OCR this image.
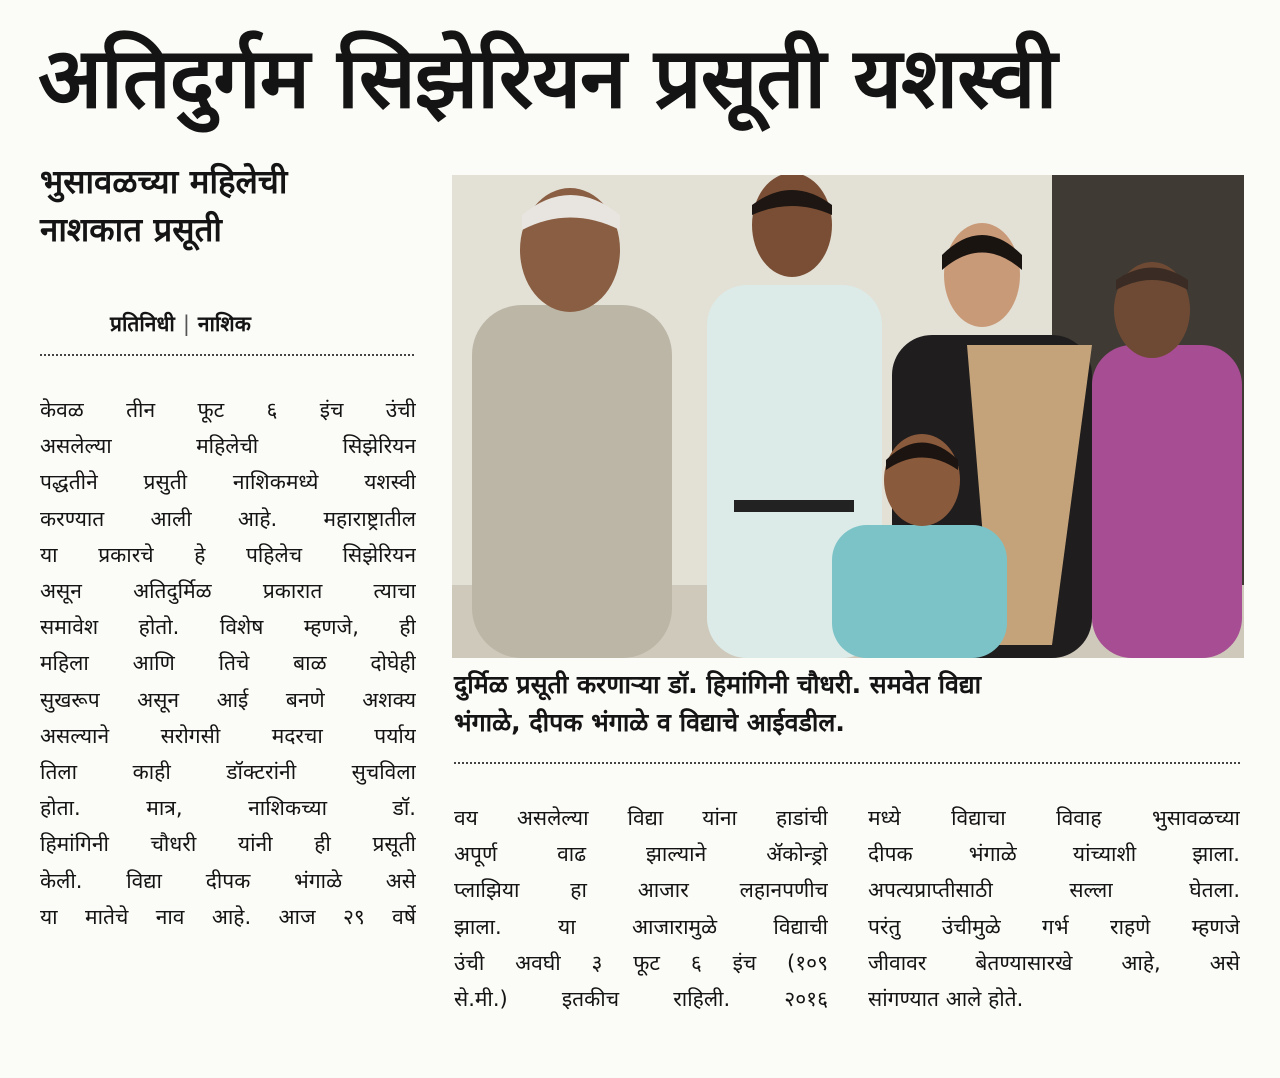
अतिदुर्गम सिझेरियन प्रसूती यशस्वी
भुसावळच्या महिलेची
नाशकात प्रसूती
प्रतिनिधी | नाशिक
केवळ तीन फूट ६ इंच उंची
असलेल्या महिलेची सिझेरियन
पद्धतीने प्रसुती नाशिकमध्ये यशस्वी
करण्यात आली आहे. महाराष्ट्रातील
या प्रकारचे हे पहिलेच सिझेरियन
असून अतिदुर्मिळ प्रकारात त्याचा
समावेश होतो. विशेष म्हणजे, ही
महिला आणि तिचे बाळ दोघेही
सुखरूप असून आई बनणे अशक्य
असल्याने सरोगसी मदरचा पर्याय
तिला काही डॉक्टरांनी सुचविला
होता. मात्र, नाशिकच्या डॉ.
हिमांगिनी चौधरी यांनी ही प्रसूती
केली. विद्या दीपक भंगाळे असे
या मातेचे नाव आहे. आज २९ वर्षे
दुर्मिळ प्रसूती करणाऱ्या डॉ. हिमांगिनी चौधरी. समवेत विद्या
भंगाळे, दीपक भंगाळे व विद्याचे आईवडील.
वय असलेल्या विद्या यांना हाडांची
अपूर्ण वाढ झाल्याने ॲकोन्ड्रो
प्लाझिया हा आजार लहानपणीच
झाला. या आजारामुळे विद्याची
उंची अवघी ३ फूट ६ इंच (१०९
से.मी.) इतकीच राहिली. २०१६
मध्ये विद्याचा विवाह भुसावळच्या
दीपक भंगाळे यांच्याशी झाला.
अपत्यप्राप्तीसाठी सल्ला घेतला.
परंतु उंचीमुळे गर्भ राहणे म्हणजे
जीवावर बेतण्यासारखे आहे, असे
सांगण्यात आले होते.
